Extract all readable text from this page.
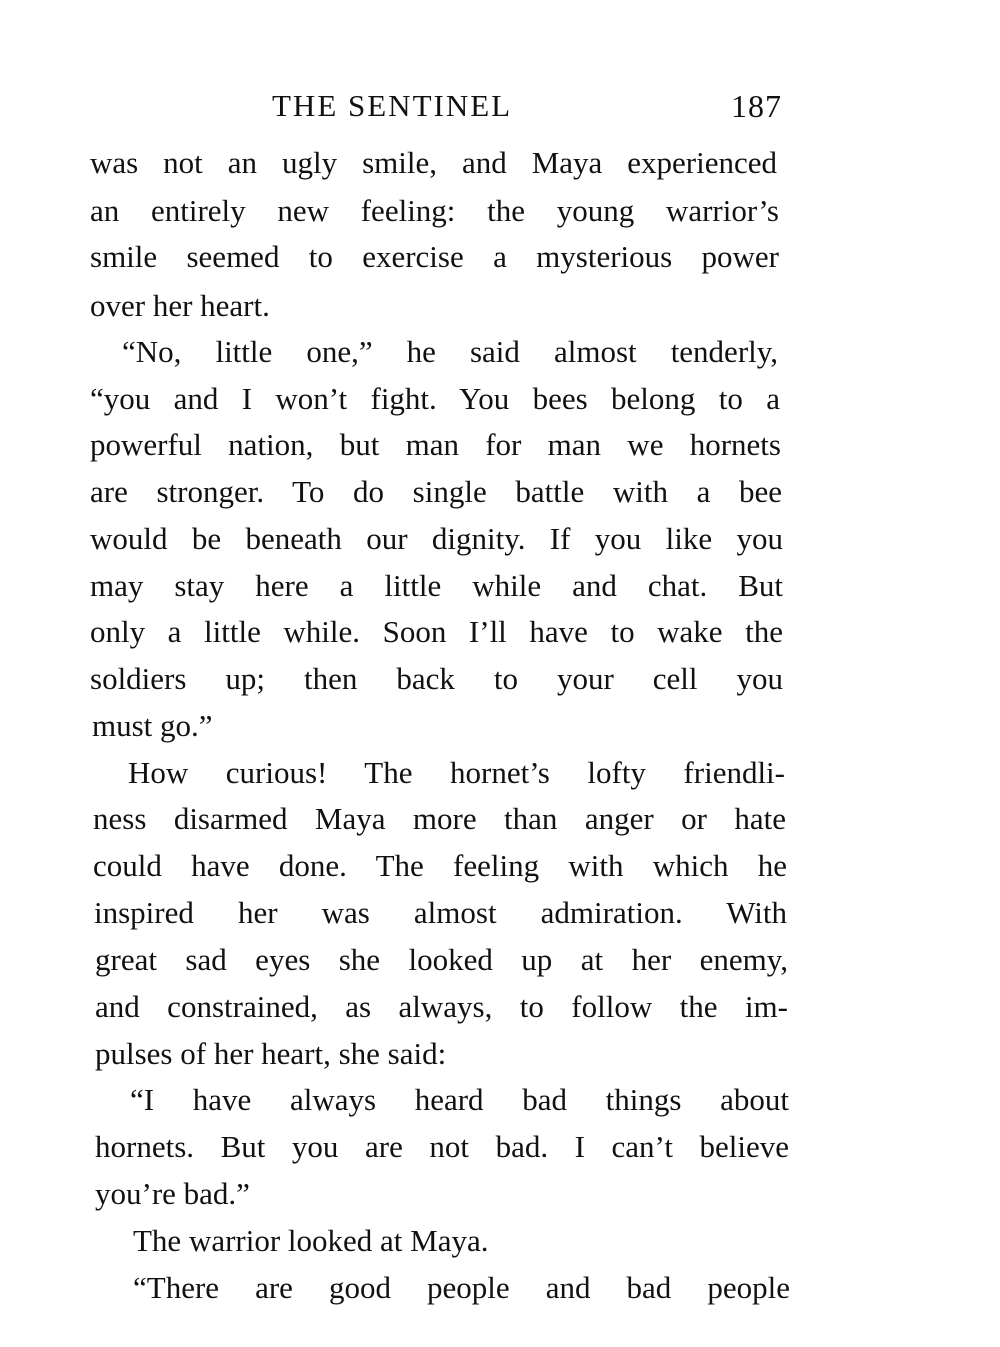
THE SENTINEL	187
was not an ugly smile, and Maya experienced
an entirely new feeling: the young warrior’s
smile seemed to exercise a mysterious power
over her heart.
“No, little one,” he said almost tenderly,
“you and I won’t fight. You bees belong to a
powerful nation, but man for man we hornets
are stronger. To do single battle with a bee
would be beneath our dignity. If you like you
may stay here a little while and chat. But
only a little while. Soon I’ll have to wake the
soldiers up; then back to your cell you
must go.”
How curious! The hornet’s lofty friendli-
ness disarmed Maya more than anger or hate
could have done. The feeling with which he
inspired her was almost admiration. With
great sad eyes she looked up at her enemy,
and constrained, as always, to follow the im-
pulses of her heart, she said:
“I have always heard bad things about
hornets. But you are not bad. I can’t believe
you’re bad.”
The warrior looked at Maya.
“There are good people and bad people
